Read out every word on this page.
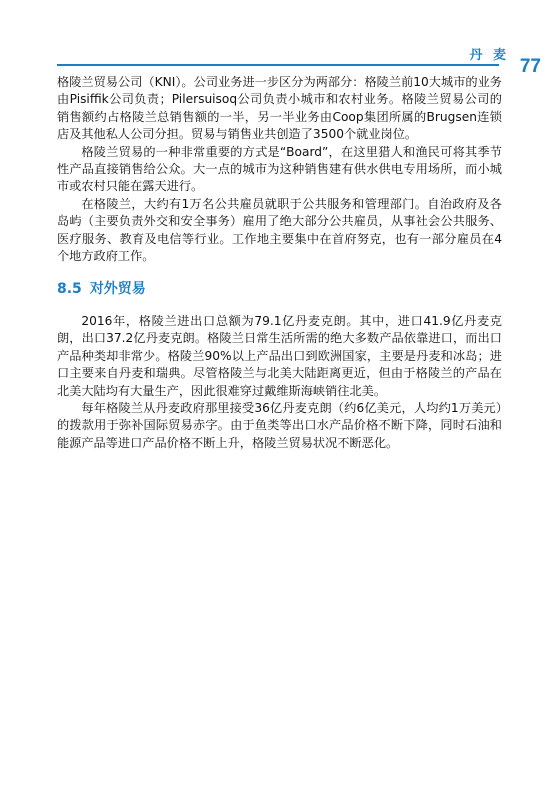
丹 麦
77

格陵兰贸易公司（KNI）。公司业务进一步区分为两部分：格陵兰前10大城市的业务由Pisiffik公司负责；Pilersuisoq公司负责小城市和农村业务。格陵兰贸易公司的销售额约占格陵兰总销售额的一半，另一半业务由Coop集团所属的Brugsen连锁店及其他私人公司分担。贸易与销售业共创造了3500个就业岗位。

格陵兰贸易的一种非常重要的方式是“Board”，在这里猎人和渔民可将其季节性产品直接销售给公众。大一点的城市为这种销售建有供水供电专用场所，而小城市或农村只能在露天进行。

在格陵兰，大约有1万名公共雇员就职于公共服务和管理部门。自治政府及各岛屿（主要负责外交和安全事务）雇用了绝大部分公共雇员，从事社会公共服务、医疗服务、教育及电信等行业。工作地主要集中在首府努克，也有一部分雇员在4个地方政府工作。

8.5 对外贸易

2016年，格陵兰进出口总额为79.1亿丹麦克朗。其中，进口41.9亿丹麦克朗，出口37.2亿丹麦克朗。格陵兰日常生活所需的绝大多数产品依靠进口，而出口产品种类却非常少。格陵兰90%以上产品出口到欧洲国家，主要是丹麦和冰岛；进口主要来自丹麦和瑞典。尽管格陵兰与北美大陆距离更近，但由于格陵兰的产品在北美大陆均有大量生产，因此很难穿过戴维斯海峡销往北美。

每年格陵兰从丹麦政府那里接受36亿丹麦克朗（约6亿美元，人均约1万美元）的拨款用于弥补国际贸易赤字。由于鱼类等出口水产品价格不断下降，同时石油和能源产品等进口产品价格不断上升，格陵兰贸易状况不断恶化。
